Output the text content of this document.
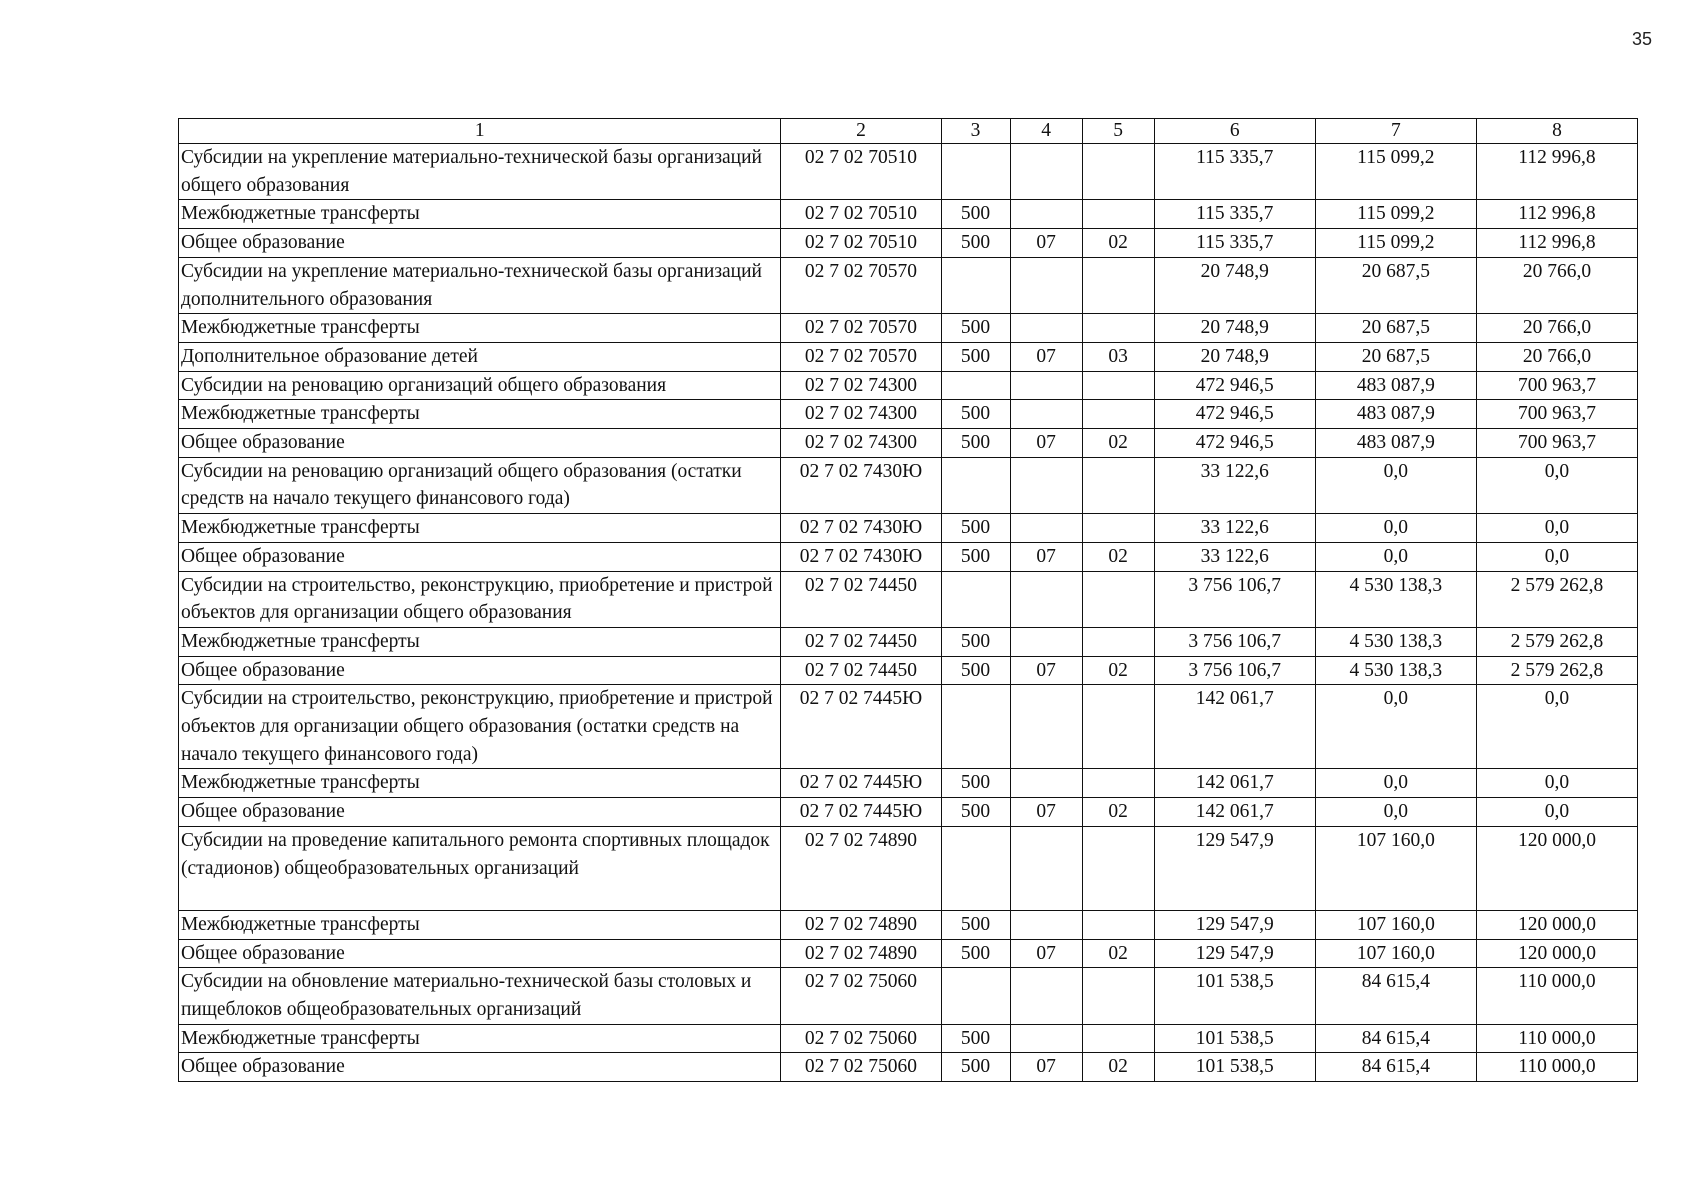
35
1	2	3	4	5	6	7	8
Субсидии на укрепление материально-технической базы организаций общего образования	02 7 02 70510				115 335,7	115 099,2	112 996,8
Межбюджетные трансферты	02 7 02 70510	500			115 335,7	115 099,2	112 996,8
Общее образование	02 7 02 70510	500	07	02	115 335,7	115 099,2	112 996,8
Субсидии на укрепление материально-технической базы организаций дополнительного образования	02 7 02 70570				20 748,9	20 687,5	20 766,0
Межбюджетные трансферты	02 7 02 70570	500			20 748,9	20 687,5	20 766,0
Дополнительное образование детей	02 7 02 70570	500	07	03	20 748,9	20 687,5	20 766,0
Субсидии на реновацию организаций общего образования	02 7 02 74300				472 946,5	483 087,9	700 963,7
Межбюджетные трансферты	02 7 02 74300	500			472 946,5	483 087,9	700 963,7
Общее образование	02 7 02 74300	500	07	02	472 946,5	483 087,9	700 963,7
Субсидии на реновацию организаций общего образования (остатки средств на начало текущего финансового года)	02 7 02 7430Ю				33 122,6	0,0	0,0
Межбюджетные трансферты	02 7 02 7430Ю	500			33 122,6	0,0	0,0
Общее образование	02 7 02 7430Ю	500	07	02	33 122,6	0,0	0,0
Субсидии на строительство, реконструкцию, приобретение и пристрой объектов для организации общего образования	02 7 02 74450				3 756 106,7	4 530 138,3	2 579 262,8
Межбюджетные трансферты	02 7 02 74450	500			3 756 106,7	4 530 138,3	2 579 262,8
Общее образование	02 7 02 74450	500	07	02	3 756 106,7	4 530 138,3	2 579 262,8
Субсидии на строительство, реконструкцию, приобретение и пристрой объектов для организации общего образования (остатки средств на начало текущего финансового года)	02 7 02 7445Ю				142 061,7	0,0	0,0
Межбюджетные трансферты	02 7 02 7445Ю	500			142 061,7	0,0	0,0
Общее образование	02 7 02 7445Ю	500	07	02	142 061,7	0,0	0,0
Субсидии на проведение капитального ремонта спортивных площадок (стадионов) общеобразовательных организаций	02 7 02 74890				129 547,9	107 160,0	120 000,0
Межбюджетные трансферты	02 7 02 74890	500			129 547,9	107 160,0	120 000,0
Общее образование	02 7 02 74890	500	07	02	129 547,9	107 160,0	120 000,0
Субсидии на обновление материально-технической базы столовых и пищеблоков общеобразовательных организаций	02 7 02 75060				101 538,5	84 615,4	110 000,0
Межбюджетные трансферты	02 7 02 75060	500			101 538,5	84 615,4	110 000,0
Общее образование	02 7 02 75060	500	07	02	101 538,5	84 615,4	110 000,0
